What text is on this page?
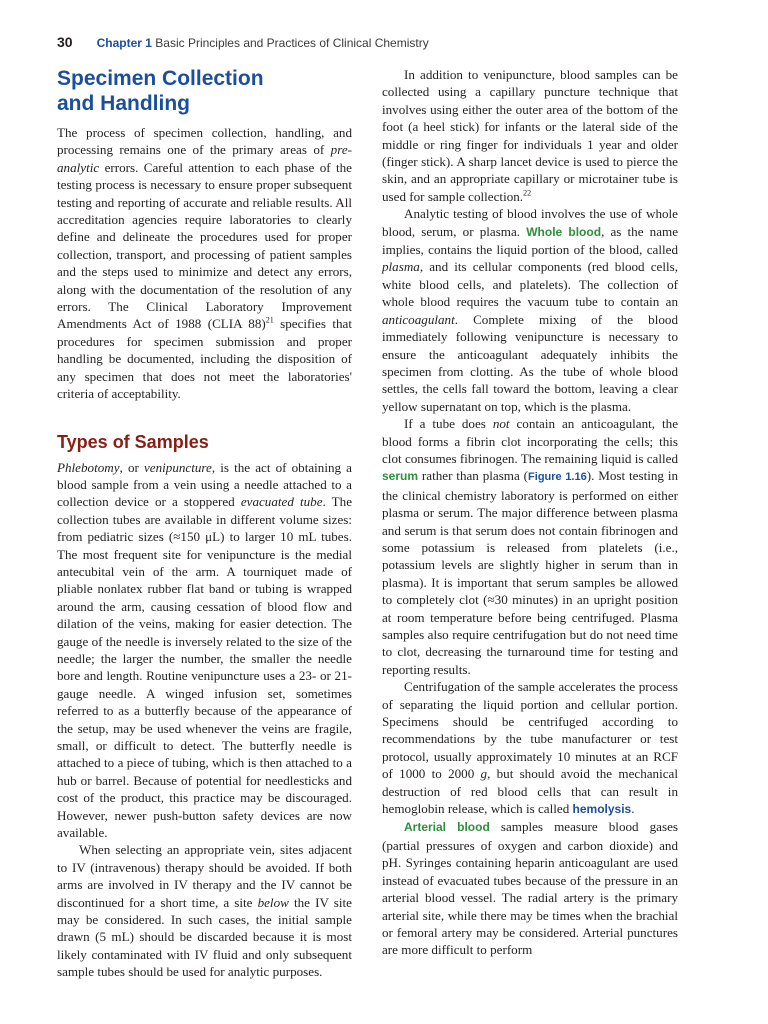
30 Chapter 1 Basic Principles and Practices of Clinical Chemistry
Specimen Collection
and Handling

The process of specimen collection, handling, and processing remains one of the primary areas of pre-analytic errors. Careful attention to each phase of the testing process is necessary to ensure proper subsequent testing and reporting of accurate and reliable results. All accreditation agencies require laboratories to clearly define and delineate the procedures used for proper collection, transport, and processing of patient samples and the steps used to minimize and detect any errors, along with the documentation of the resolution of any errors. The Clinical Laboratory Improvement Amendments Act of 1988 (CLIA 88)$^{21}$ specifies that procedures for specimen submission and proper handling be documented, including the disposition of any specimen that does not meet the laboratories' criteria of acceptability.

Types of Samples

Phlebotomy, or venipuncture, is the act of obtaining a blood sample from a vein using a needle attached to a collection device or a stoppered evacuated tube. The collection tubes are available in different volume sizes: from pediatric sizes (≈150 μL) to larger 10 mL tubes. The most frequent site for venipuncture is the medial antecubital vein of the arm. A tourniquet made of pliable nonlatex rubber flat band or tubing is wrapped around the arm, causing cessation of blood flow and dilation of the veins, making for easier detection. The gauge of the needle is inversely related to the size of the needle; the larger the number, the smaller the needle bore and length. Routine venipuncture uses a 23- or 21-gauge needle. A winged infusion set, sometimes referred to as a butterfly because of the appearance of the setup, may be used whenever the veins are fragile, small, or difficult to detect. The butterfly needle is attached to a piece of tubing, which is then attached to a hub or barrel. Because of potential for needlesticks and cost of the product, this practice may be discouraged. However, newer push-button safety devices are now available.

When selecting an appropriate vein, sites adjacent to IV (intravenous) therapy should be avoided. If both arms are involved in IV therapy and the IV cannot be discontinued for a short time, a site below the IV site may be considered. In such cases, the initial sample drawn (5 mL) should be discarded because it is most likely contaminated with IV fluid and only subsequent sample tubes should be used for analytic purposes.

In addition to venipuncture, blood samples can be collected using a capillary puncture technique that involves using either the outer area of the bottom of the foot (a heel stick) for infants or the lateral side of the middle or ring finger for individuals 1 year and older (finger stick). A sharp lancet device is used to pierce the skin, and an appropriate capillary or microtainer tube is used for sample collection.$^{22}$

Analytic testing of blood involves the use of whole blood, serum, or plasma. Whole blood, as the name implies, contains the liquid portion of the blood, called plasma, and its cellular components (red blood cells, white blood cells, and platelets). The collection of whole blood requires the vacuum tube to contain an anticoagulant. Complete mixing of the blood immediately following venipuncture is necessary to ensure the anticoagulant adequately inhibits the specimen from clotting. As the tube of whole blood settles, the cells fall toward the bottom, leaving a clear yellow supernatant on top, which is the plasma.

If a tube does not contain an anticoagulant, the blood forms a fibrin clot incorporating the cells; this clot consumes fibrinogen. The remaining liquid is called serum rather than plasma (Figure 1.16). Most testing in the clinical chemistry laboratory is performed on either plasma or serum. The major difference between plasma and serum is that serum does not contain fibrinogen and some potassium is released from platelets (i.e., potassium levels are slightly higher in serum than in plasma). It is important that serum samples be allowed to completely clot (≈30 minutes) in an upright position at room temperature before being centrifuged. Plasma samples also require centrifugation but do not need time to clot, decreasing the turnaround time for testing and reporting results.

Centrifugation of the sample accelerates the process of separating the liquid portion and cellular portion. Specimens should be centrifuged according to recommendations by the tube manufacturer or test protocol, usually approximately 10 minutes at an RCF of 1000 to 2000 g, but should avoid the mechanical destruction of red blood cells that can result in hemoglobin release, which is called hemolysis.

Arterial blood samples measure blood gases (partial pressures of oxygen and carbon dioxide) and pH. Syringes containing heparin anticoagulant are used instead of evacuated tubes because of the pressure in an arterial blood vessel. The radial artery is the primary arterial site, while there may be times when the brachial or femoral artery may be considered. Arterial punctures are more difficult to perform
